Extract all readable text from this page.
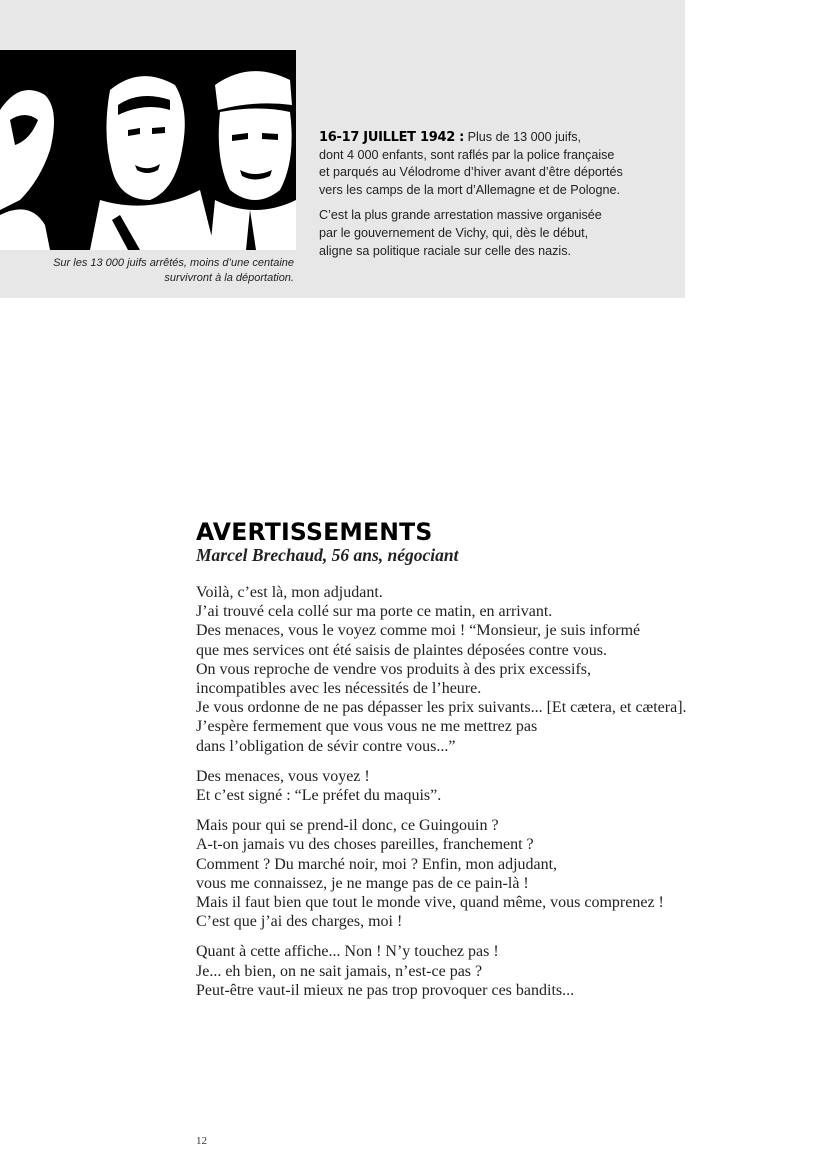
Sur les 13 000 juifs arrêtés, moins d’une centaine
survivront à la déportation.

16-17 JUILLET 1942 : Plus de 13 000 juifs,
dont 4 000 enfants, sont raflés par la police française
et parqués au Vélodrome d’hiver avant d’être déportés
vers les camps de la mort d’Allemagne et de Pologne.

C’est la plus grande arrestation massive organisée
par le gouvernement de Vichy, qui, dès le début,
aligne sa politique raciale sur celle des nazis.

AVERTISSEMENTS
Marcel Brechaud, 56 ans, négociant

Voilà, c’est là, mon adjudant.
J’ai trouvé cela collé sur ma porte ce matin, en arrivant.
Des menaces, vous le voyez comme moi ! “Monsieur, je suis informé
que mes services ont été saisis de plaintes déposées contre vous.
On vous reproche de vendre vos produits à des prix excessifs,
incompatibles avec les nécessités de l’heure.
Je vous ordonne de ne pas dépasser les prix suivants... [Et cætera, et cætera].
J’espère fermement que vous vous ne me mettrez pas
dans l’obligation de sévir contre vous...”

Des menaces, vous voyez !
Et c’est signé : “Le préfet du maquis”.

Mais pour qui se prend-il donc, ce Guingouin ?
A-t-on jamais vu des choses pareilles, franchement ?
Comment ? Du marché noir, moi ? Enfin, mon adjudant,
vous me connaissez, je ne mange pas de ce pain-là !
Mais il faut bien que tout le monde vive, quand même, vous comprenez !
C’est que j’ai des charges, moi !

Quant à cette affiche... Non ! N’y touchez pas !
Je... eh bien, on ne sait jamais, n’est-ce pas ?
Peut-être vaut-il mieux ne pas trop provoquer ces bandits...

12
